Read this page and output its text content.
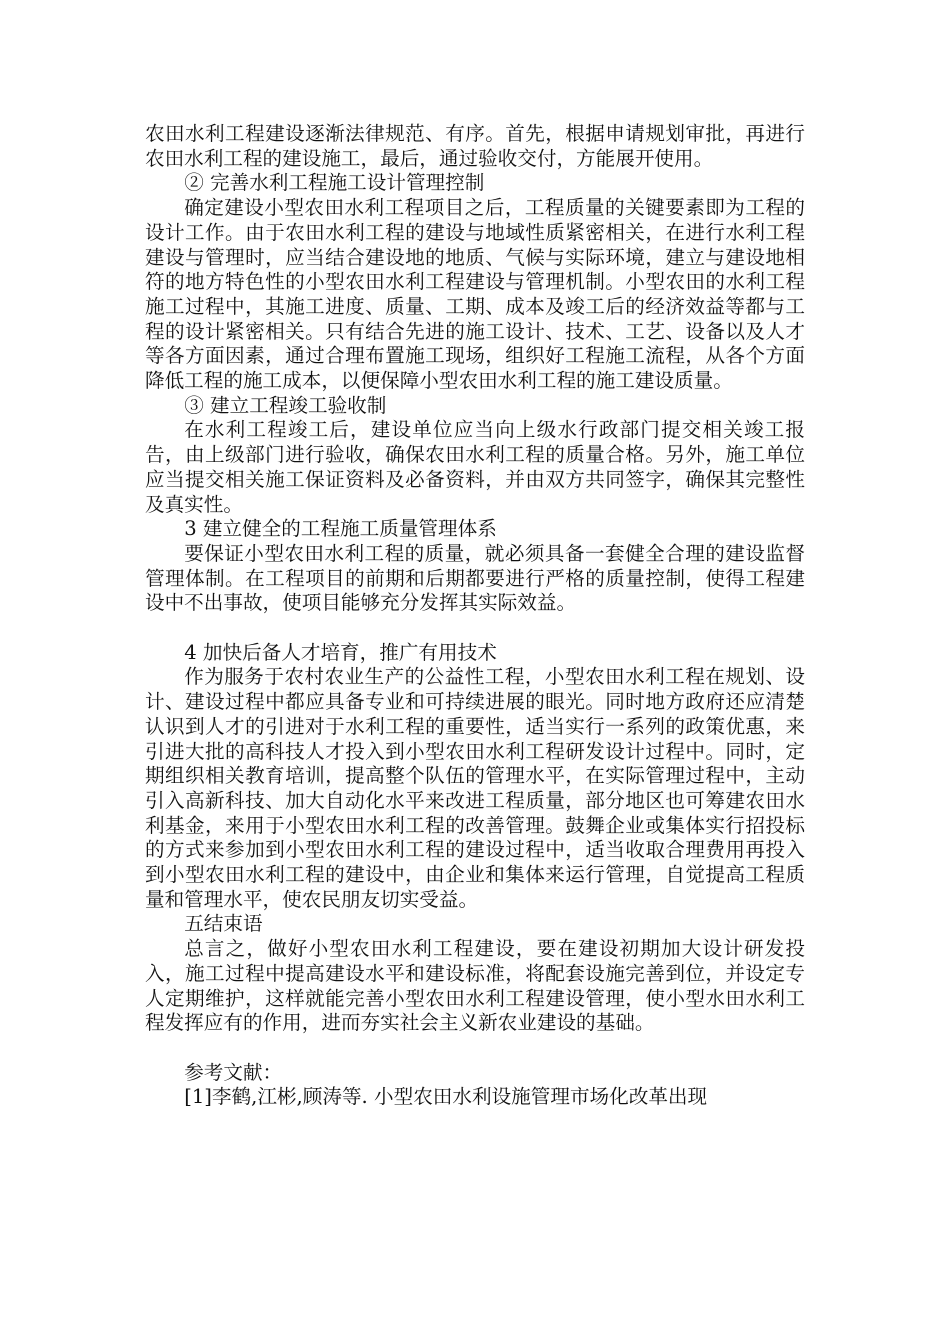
农田水利工程建设逐渐法律规范、有序。首先，根据申请规划审批，再进行农田水利工程的建设施工，最后，通过验收交付，方能展开使用。

② 完善水利工程施工设计管理控制

确定建设小型农田水利工程项目之后，工程质量的关键要素即为工程的设计工作。由于农田水利工程的建设与地域性质紧密相关，在进行水利工程建设与管理时，应当结合建设地的地质、气候与实际环境，建立与建设地相符的地方特色性的小型农田水利工程建设与管理机制。小型农田的水利工程施工过程中，其施工进度、质量、工期、成本及竣工后的经济效益等都与工程的设计紧密相关。只有结合先进的施工设计、技术、工艺、设备以及人才等各方面因素，通过合理布置施工现场，组织好工程施工流程，从各个方面降低工程的施工成本，以便保障小型农田水利工程的施工建设质量。

③ 建立工程竣工验收制

在水利工程竣工后，建设单位应当向上级水行政部门提交相关竣工报告，由上级部门进行验收，确保农田水利工程的质量合格。另外，施工单位应当提交相关施工保证资料及必备资料，并由双方共同签字，确保其完整性及真实性。

3 建立健全的工程施工质量管理体系

要保证小型农田水利工程的质量，就必须具备一套健全合理的建设监督管理体制。在工程项目的前期和后期都要进行严格的质量控制，使得工程建设中不出事故，使项目能够充分发挥其实际效益。

4 加快后备人才培育，推广有用技术

作为服务于农村农业生产的公益性工程，小型农田水利工程在规划、设计、建设过程中都应具备专业和可持续进展的眼光。同时地方政府还应清楚认识到人才的引进对于水利工程的重要性，适当实行一系列的政策优惠，来引进大批的高科技人才投入到小型农田水利工程研发设计过程中。同时，定期组织相关教育培训，提高整个队伍的管理水平，在实际管理过程中，主动引入高新科技、加大自动化水平来改进工程质量，部分地区也可筹建农田水利基金，来用于小型农田水利工程的改善管理。鼓舞企业或集体实行招投标的方式来参加到小型农田水利工程的建设过程中，适当收取合理费用再投入到小型农田水利工程的建设中，由企业和集体来运行管理，自觉提高工程质量和管理水平，使农民朋友切实受益。

五结束语

总言之，做好小型农田水利工程建设，要在建设初期加大设计研发投入，施工过程中提高建设水平和建设标准，将配套设施完善到位，并设定专人定期维护，这样就能完善小型农田水利工程建设管理，使小型水田水利工程发挥应有的作用，进而夯实社会主义新农业建设的基础。

参考文献：

[1]李鹤,江彬,顾涛等. 小型农田水利设施管理市场化改革出现
